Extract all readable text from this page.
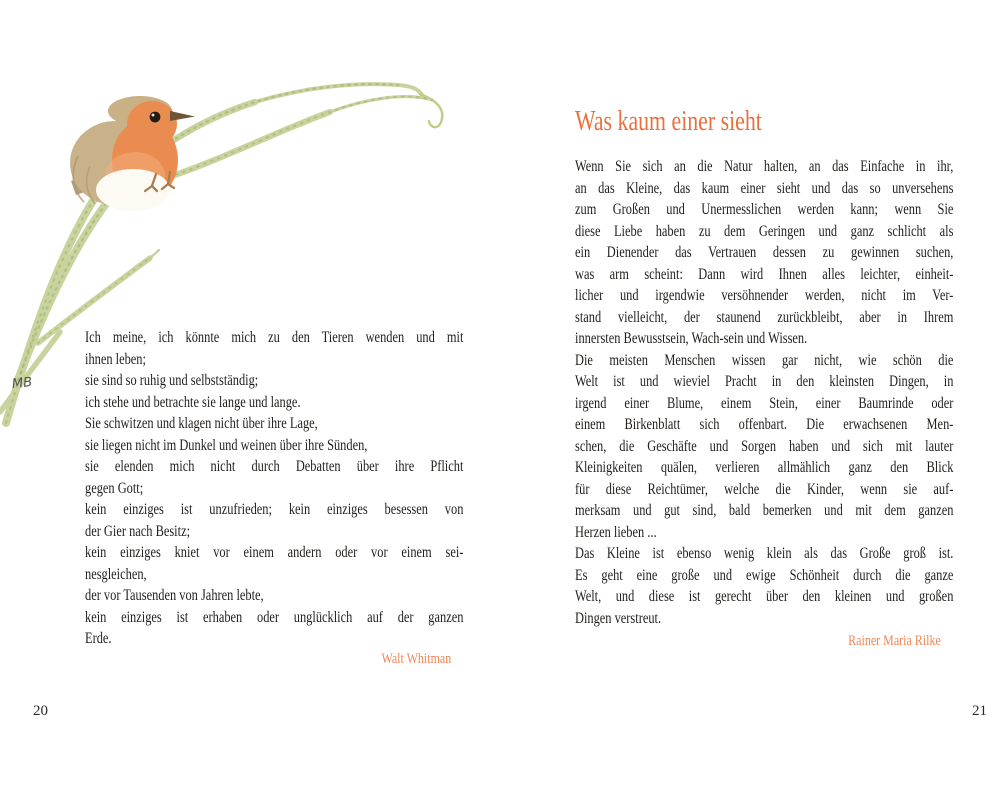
MB
Ich meine, ich könnte mich zu den Tieren wenden und mit
ihnen leben;
sie sind so ruhig und selbstständig;
ich stehe und betrachte sie lange und lange.
Sie schwitzen und klagen nicht über ihre Lage,
sie liegen nicht im Dunkel und weinen über ihre Sünden,
sie elenden mich nicht durch Debatten über ihre Pflicht
gegen Gott;
kein einziges ist unzufrieden; kein einziges besessen von
der Gier nach Besitz;
kein einziges kniet vor einem andern oder vor einem sei-
nesgleichen,
der vor Tausenden von Jahren lebte,
kein einziges ist erhaben oder unglücklich auf der ganzen
Erde.
Walt Whitman
Was kaum einer sieht
Wenn Sie sich an die Natur halten, an das Einfache in ihr,
an das Kleine, das kaum einer sieht und das so unversehens
zum Großen und Unermesslichen werden kann; wenn Sie
diese Liebe haben zu dem Geringen und ganz schlicht als
ein Dienender das Vertrauen dessen zu gewinnen suchen,
was arm scheint: Dann wird Ihnen alles leichter, einheit-
licher und irgendwie versöhnender werden, nicht im Ver-
stand vielleicht, der staunend zurückbleibt, aber in Ihrem
innersten Bewusstsein, Wach-sein und Wissen.
Die meisten Menschen wissen gar nicht, wie schön die
Welt ist und wieviel Pracht in den kleinsten Dingen, in
irgend einer Blume, einem Stein, einer Baumrinde oder
einem Birkenblatt sich offenbart. Die erwachsenen Men-
schen, die Geschäfte und Sorgen haben und sich mit lauter
Kleinigkeiten quälen, verlieren allmählich ganz den Blick
für diese Reichtümer, welche die Kinder, wenn sie auf-
merksam und gut sind, bald bemerken und mit dem ganzen
Herzen lieben ...
Das Kleine ist ebenso wenig klein als das Große groß ist.
Es geht eine große und ewige Schönheit durch die ganze
Welt, und diese ist gerecht über den kleinen und großen
Dingen verstreut.
Rainer Maria Rilke
20	21
